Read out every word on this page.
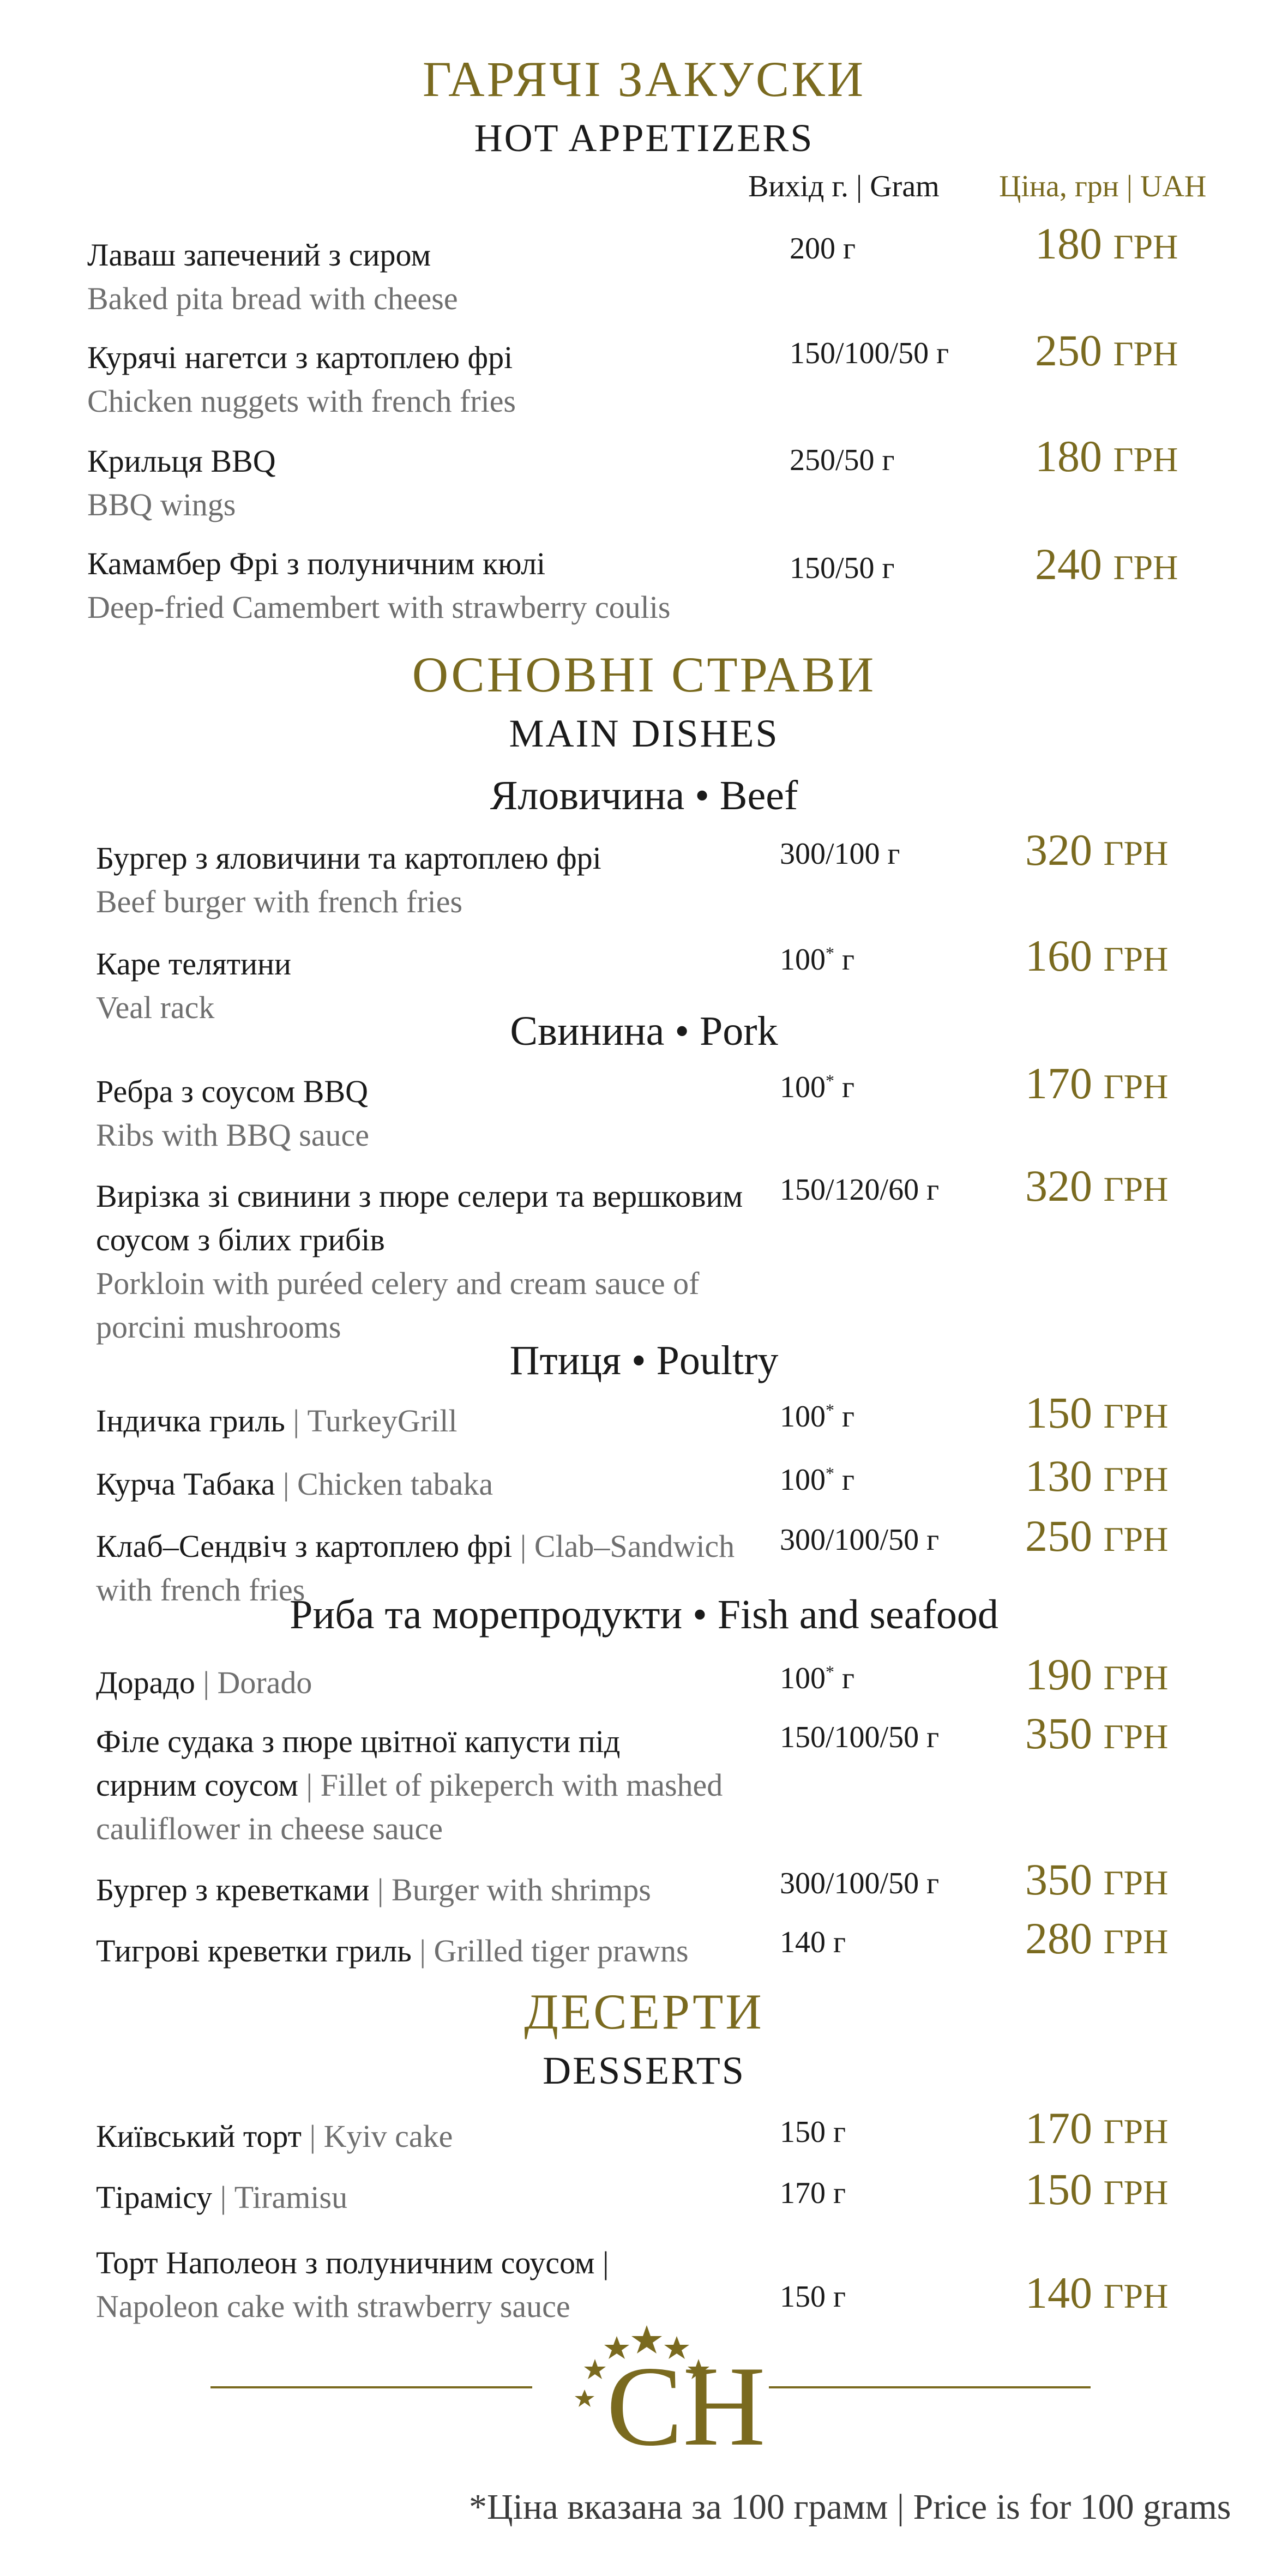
ГАРЯЧІ ЗАКУСКИ
HOT APPETIZERS
Вихід г. | Gram Ціна, грн | UAH
Лаваш запечений з сиром
Baked pita bread with cheese
200 г	180 ГРН
Курячі нагетси з картоплею фрі
Chicken nuggets with french fries
150/100/50 г 250 ГРН
Крильця BBQ
BBQ wings
250/50 г	180 ГРН
Камамбер Фрі з полуничним кюлі
Deep-fried Camembert with strawberry coulis
150/50 г	240 ГРН
ОСНОВНІ СТРАВИ
MAIN DISHES
Яловичина • Beef
Бургер з яловичини та картоплею фрі
Beef burger with french fries
300/100 г	320 ГРН
Каре телятини
Veal rack
100* г	160 ГРН
Свинина • Pork
Ребра з соусом BBQ
Ribs with BBQ sauce
100* г	170 ГРН
Вирізка зі свинини з пюре селери та вершковим
соусом з білих грибів
Porkloin with puréed celery and cream sauce of
porcini mushrooms
150/120/60 г 320 ГРН
Птиця • Poultry
Індичка гриль | TurkeyGrill	100* г	150 ГРН
Курча Табака | Chicken tabaka	100* г	130 ГРН
Клаб–Сендвіч з картоплею фрі | Clab–Sandwich
with french fries
300/100/50 г 250 ГРН
Риба та морепродукти • Fish and seafood
Дорадо | Dorado	100* г	190 ГРН
Філе судака з пюре цвітної капусти під
сирним соусом | Fillet of pikeperch with mashed
cauliflower in cheese sauce
150/100/50 г 350 ГРН
Бургер з креветками | Burger with shrimps	300/100/50 г 350 ГРН
Тигрові креветки гриль | Grilled tiger prawns	140 г	280 ГРН
ДЕСЕРТИ
DESSERTS
Київський торт | Kyiv cake	150 г	170 ГРН
Тірамісу | Tiramisu	170 г	150 ГРН
Торт Наполеон з полуничним соусом |
Napoleon cake with strawberry sauce	150 г	140 ГРН
CH
*Ціна вказана за 100 грамм | Price is for 100 grams
